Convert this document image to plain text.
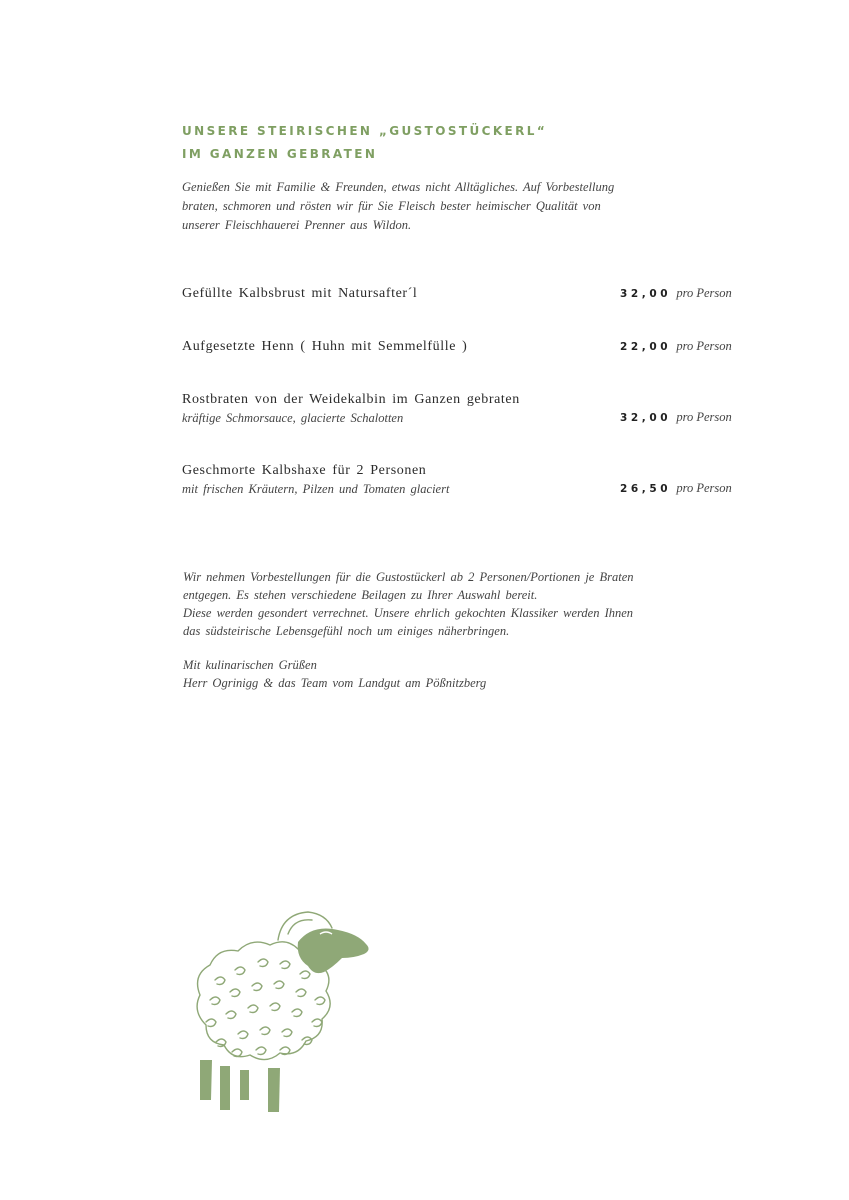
UNSERE STEIRISCHEN „GUSTOSTÜCKERL“
IM GANZEN GEBRATEN
Genießen Sie mit Familie & Freunden, etwas nicht Alltägliches. Auf Vorbestellung
braten, schmoren und rösten wir für Sie Fleisch bester heimischer Qualität von
unserer Fleischhauerei Prenner aus Wildon.
Gefüllte Kalbsbrust mit Natursafter´l	32,00 pro Person
Aufgesetzte Henn ( Huhn mit Semmelfülle )	22,00 pro Person
Rostbraten von der Weidekalbin im Ganzen gebraten
kräftige Schmorsauce, glacierte Schalotten	32,00 pro Person
Geschmorte Kalbshaxe für 2 Personen
mit frischen Kräutern, Pilzen und Tomaten glaciert	26,50 pro Person
Wir nehmen Vorbestellungen für die Gustostückerl ab 2 Personen/Portionen je Braten
entgegen. Es stehen verschiedene Beilagen zu Ihrer Auswahl bereit.
Diese werden gesondert verrechnet. Unsere ehrlich gekochten Klassiker werden Ihnen
das südsteirische Lebensgefühl noch um einiges näherbringen.
Mit kulinarischen Grüßen
Herr Ogrinigg & das Team vom Landgut am Pößnitzberg
